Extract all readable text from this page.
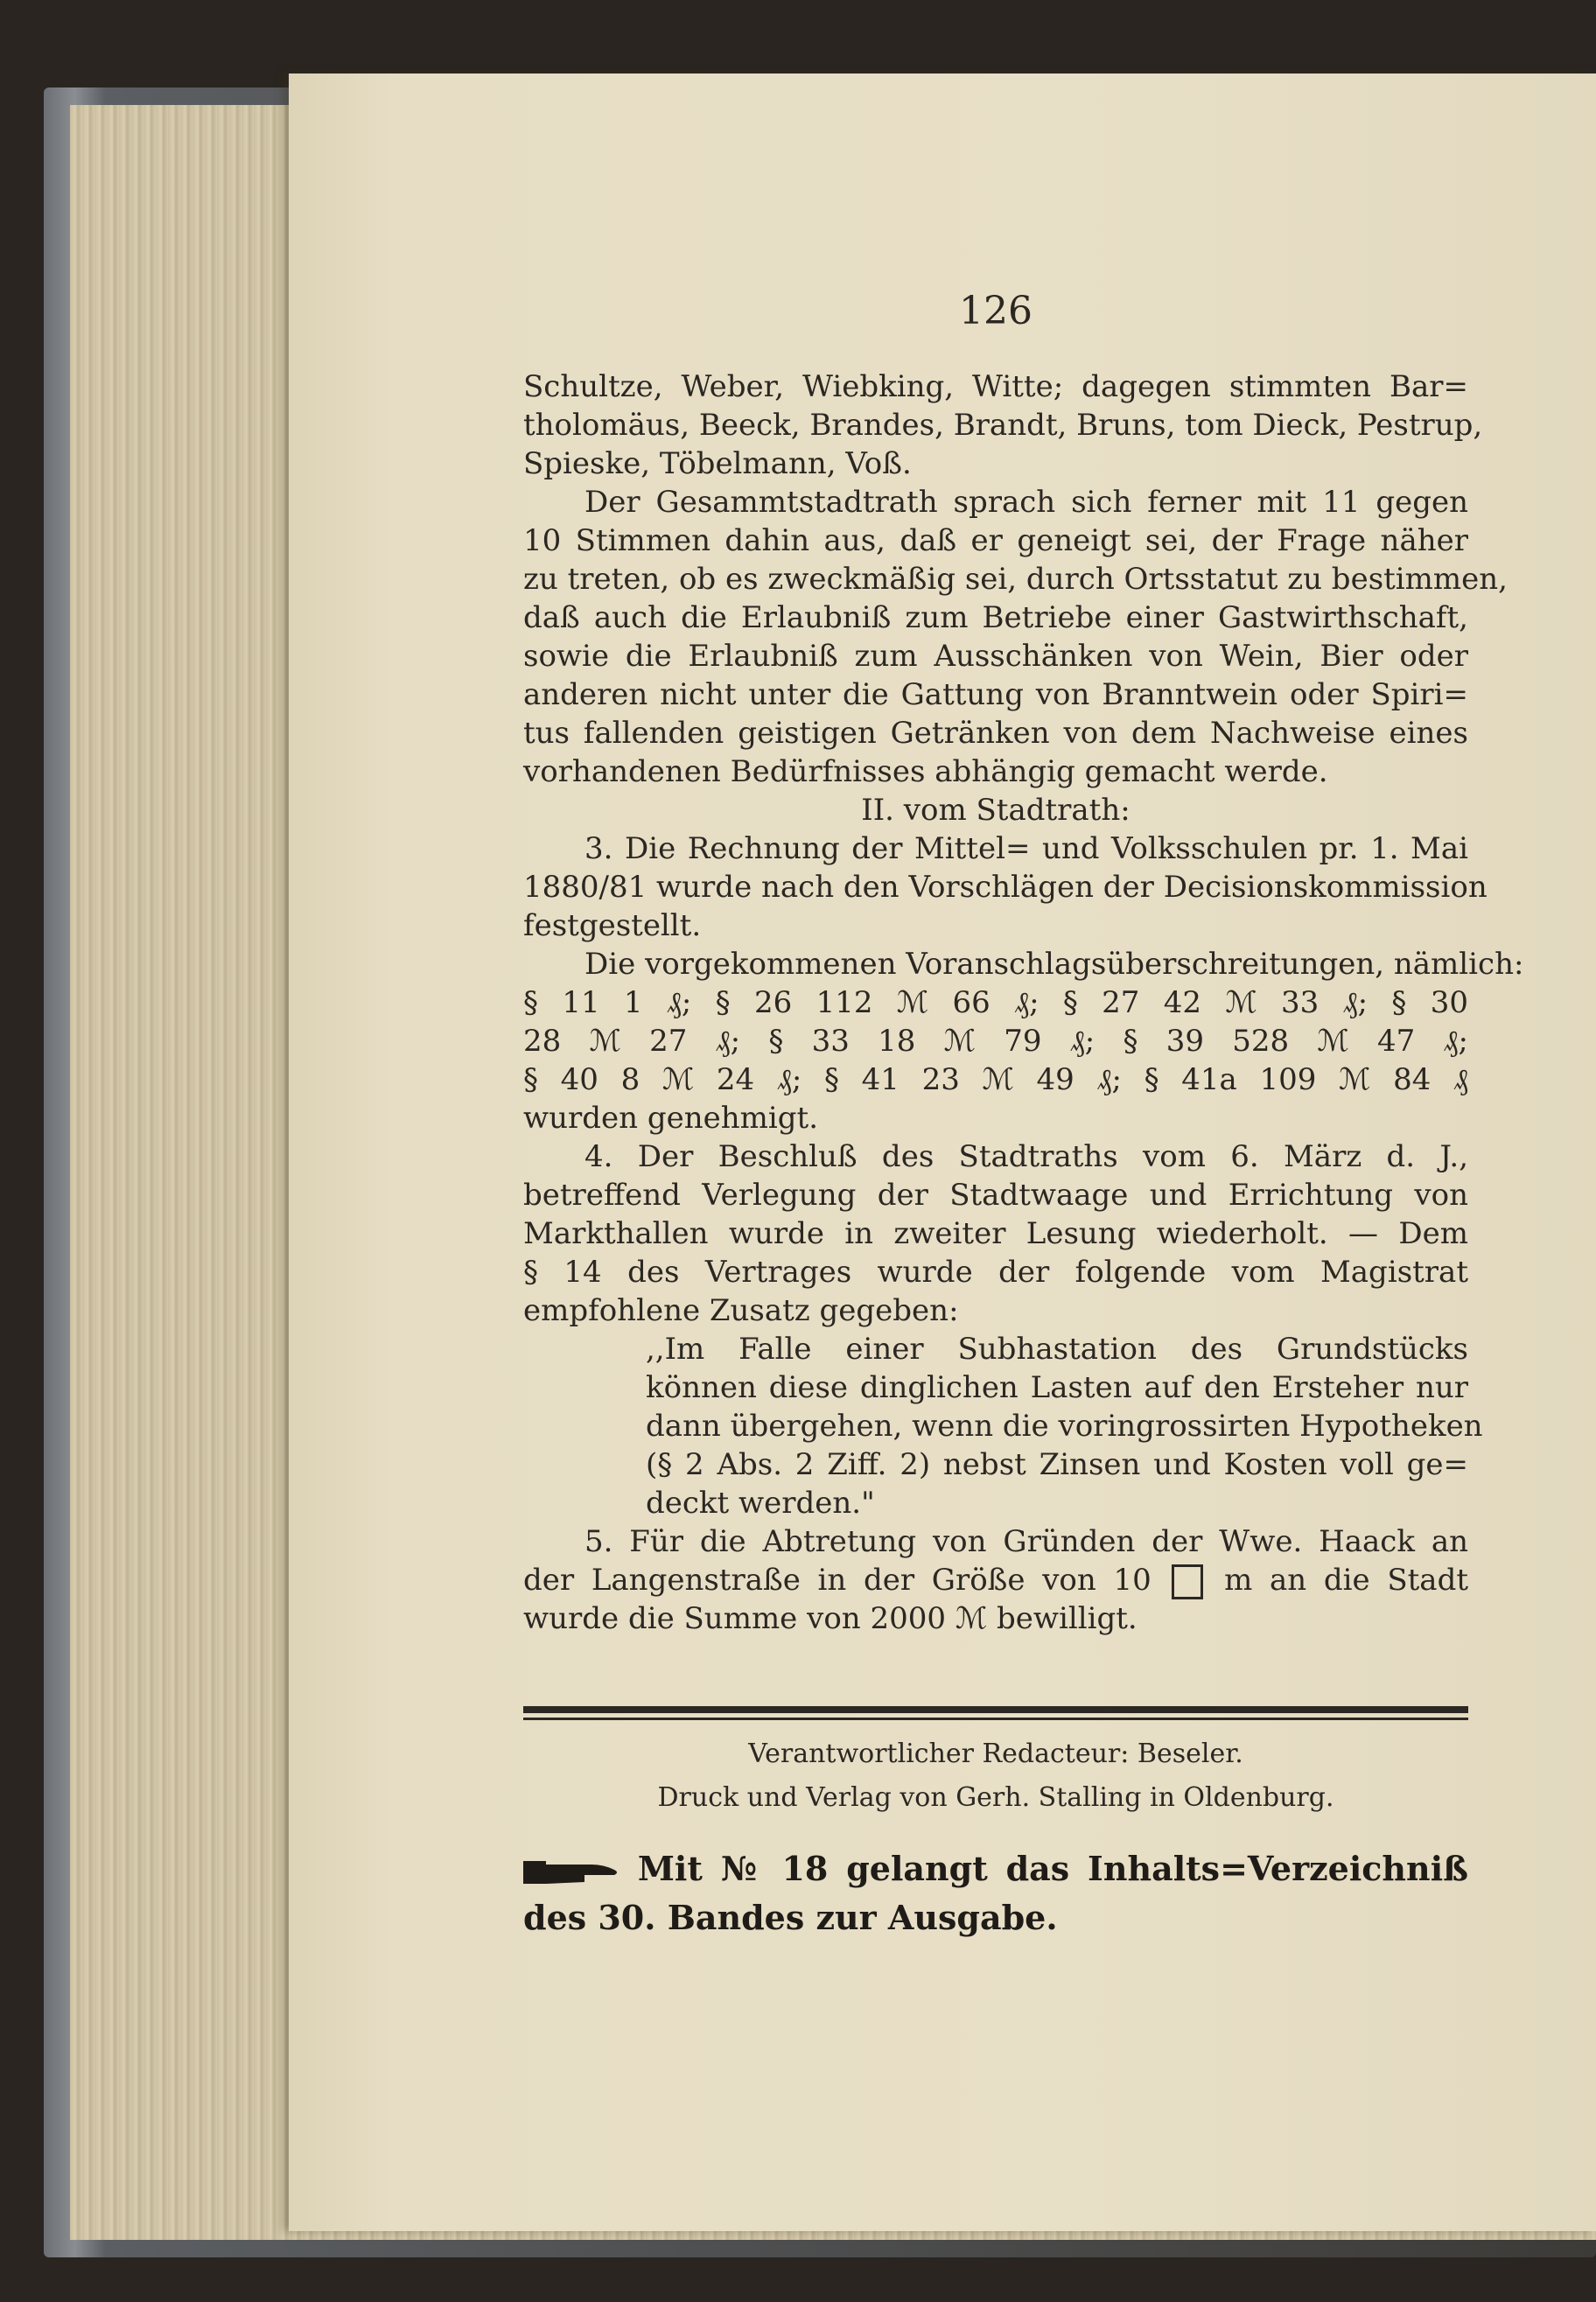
126
Schultze, Weber, Wiebking, Witte; dagegen stimmten Bar=
tholomäus, Beeck, Brandes, Brandt, Bruns, tom Dieck, Pestrup,
Spieske, Töbelmann, Voß.
Der Gesammtstadtrath sprach sich ferner mit 11 gegen
10 Stimmen dahin aus, daß er geneigt sei, der Frage näher
zu treten, ob es zweckmäßig sei, durch Ortsstatut zu bestimmen,
daß auch die Erlaubniß zum Betriebe einer Gastwirthschaft,
sowie die Erlaubniß zum Ausschänken von Wein, Bier oder
anderen nicht unter die Gattung von Branntwein oder Spiri=
tus fallenden geistigen Getränken von dem Nachweise eines
vorhandenen Bedürfnisses abhängig gemacht werde.
II. vom Stadtrath:
3. Die Rechnung der Mittel= und Volksschulen pr. 1. Mai
1880/81 wurde nach den Vorschlägen der Decisionskommission
festgestellt.
Die vorgekommenen Voranschlagsüberschreitungen, nämlich:
§ 11 1 ₰; § 26 112 ℳ 66 ₰; § 27 42 ℳ 33 ₰; § 30
28 ℳ 27 ₰; § 33 18 ℳ 79 ₰; § 39 528 ℳ 47 ₰;
§ 40 8 ℳ 24 ₰; § 41 23 ℳ 49 ₰; § 41a 109 ℳ 84 ₰
wurden genehmigt.
4. Der Beschluß des Stadtraths vom 6. März d. J.,
betreffend Verlegung der Stadtwaage und Errichtung von
Markthallen wurde in zweiter Lesung wiederholt. — Dem
§ 14 des Vertrages wurde der folgende vom Magistrat
empfohlene Zusatz gegeben:
,,Im Falle einer Subhastation des Grundstücks
können diese dinglichen Lasten auf den Ersteher nur
dann übergehen, wenn die voringrossirten Hypotheken
(§ 2 Abs. 2 Ziff. 2) nebst Zinsen und Kosten voll ge=
deckt werden."
5. Für die Abtretung von Gründen der Wwe. Haack an
der Langenstraße in der Größe von 10 m an die Stadt
wurde die Summe von 2000 ℳ bewilligt.
Verantwortlicher Redacteur: Beseler.
Druck und Verlag von Gerh. Stalling in Oldenburg.
Mit № 18 gelangt das Inhalts=Verzeichniß
des 30. Bandes zur Ausgabe.
